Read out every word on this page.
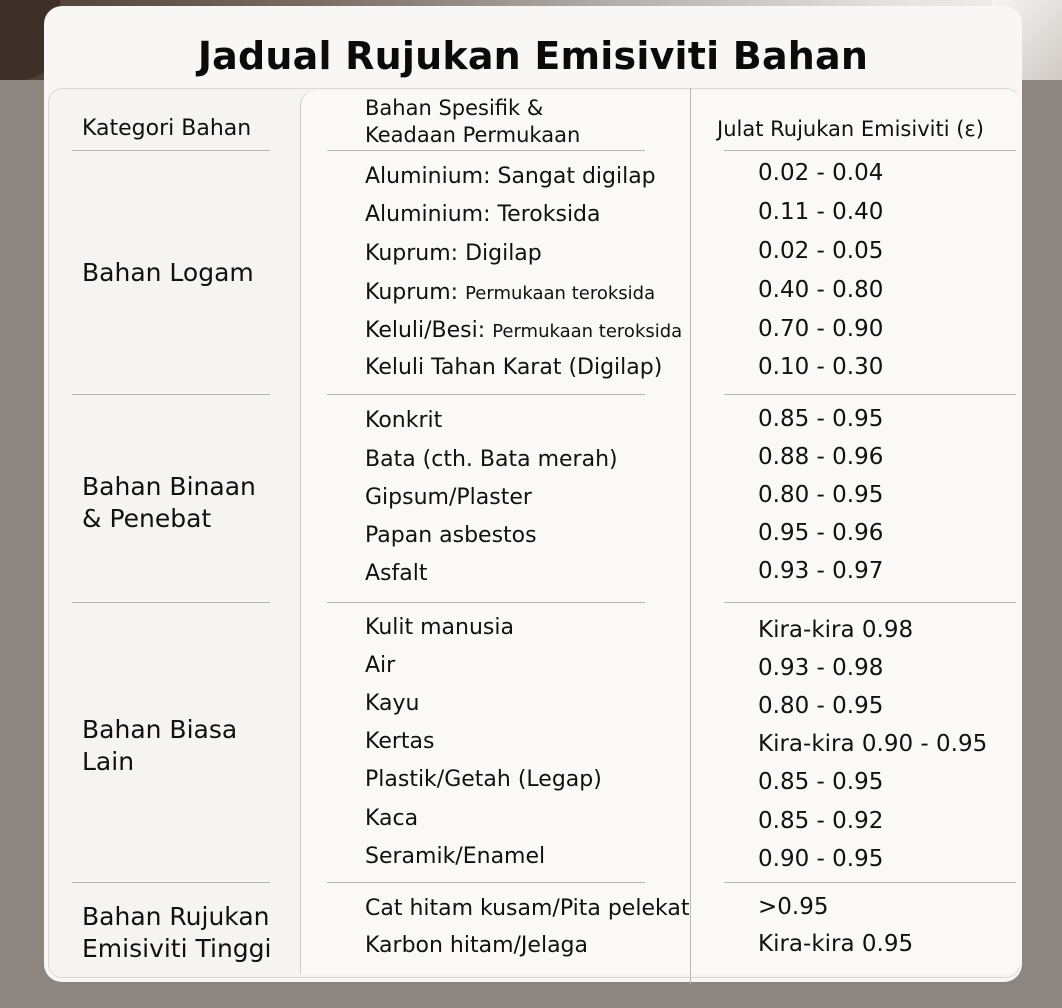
Jadual Rujukan Emisiviti Bahan
Kategori Bahan
Bahan Spesifik &
Keadaan Permukaan	Julat Rujukan Emisiviti (ε)
Bahan Logam
Aluminium: Sangat digilap	0.02 - 0.04
Aluminium: Teroksida	0.11 - 0.40
Kuprum: Digilap	0.02 - 0.05
Kuprum: Permukaan teroksida	0.40 - 0.80
Keluli/Besi: Permukaan teroksida	0.70 - 0.90
Keluli Tahan Karat (Digilap)	0.10 - 0.30
Bahan Binaan
& Penebat
Konkrit	0.85 - 0.95
Bata (cth. Bata merah)	0.88 - 0.96
Gipsum/Plaster	0.80 - 0.95
Papan asbestos	0.95 - 0.96
Asfalt	0.93 - 0.97
Bahan Biasa
Lain
Kulit manusia	Kira-kira 0.98
Air	0.93 - 0.98
Kayu	0.80 - 0.95
Kertas	Kira-kira 0.90 - 0.95
Plastik/Getah (Legap)	0.85 - 0.95
Kaca	0.85 - 0.92
Seramik/Enamel	0.90 - 0.95
Bahan Rujukan
Emisiviti Tinggi
Cat hitam kusam/Pita pelekat	>0.95
Karbon hitam/Jelaga	Kira-kira 0.95
